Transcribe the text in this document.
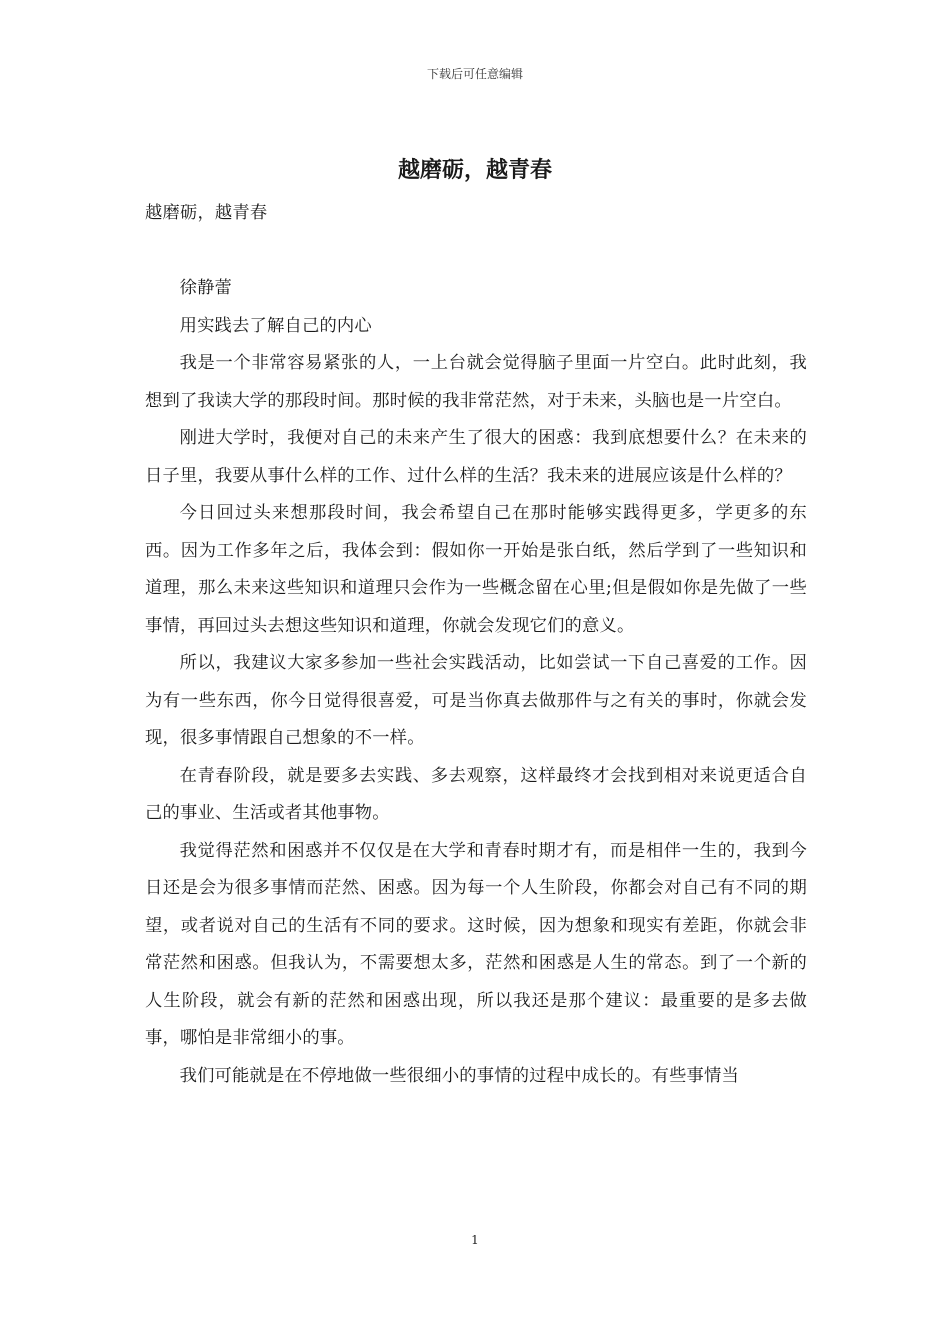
下载后可任意编辑
越磨砺，越青春

越磨砺，越青春

徐静蕾

用实践去了解自己的内心

我是一个非常容易紧张的人，一上台就会觉得脑子里面一片空白。此时此刻，我想到了我读大学的那段时间。那时候的我非常茫然，对于未来，头脑也是一片空白。

刚进大学时，我便对自己的未来产生了很大的困惑：我到底想要什么？在未来的日子里，我要从事什么样的工作、过什么样的生活？我未来的进展应该是什么样的？

今日回过头来想那段时间，我会希望自己在那时能够实践得更多，学更多的东西。因为工作多年之后，我体会到：假如你一开始是张白纸，然后学到了一些知识和道理，那么未来这些知识和道理只会作为一些概念留在心里;但是假如你是先做了一些事情，再回过头去想这些知识和道理，你就会发现它们的意义。

所以，我建议大家多参加一些社会实践活动，比如尝试一下自己喜爱的工作。因为有一些东西，你今日觉得很喜爱，可是当你真去做那件与之有关的事时，你就会发现，很多事情跟自己想象的不一样。

在青春阶段，就是要多去实践、多去观察，这样最终才会找到相对来说更适合自己的事业、生活或者其他事物。

我觉得茫然和困惑并不仅仅是在大学和青春时期才有，而是相伴一生的，我到今日还是会为很多事情而茫然、困惑。因为每一个人生阶段，你都会对自己有不同的期望，或者说对自己的生活有不同的要求。这时候，因为想象和现实有差距，你就会非常茫然和困惑。但我认为，不需要想太多，茫然和困惑是人生的常态。到了一个新的人生阶段，就会有新的茫然和困惑出现，所以我还是那个建议：最重要的是多去做事，哪怕是非常细小的事。

我们可能就是在不停地做一些很细小的事情的过程中成长的。有些事情当

1
